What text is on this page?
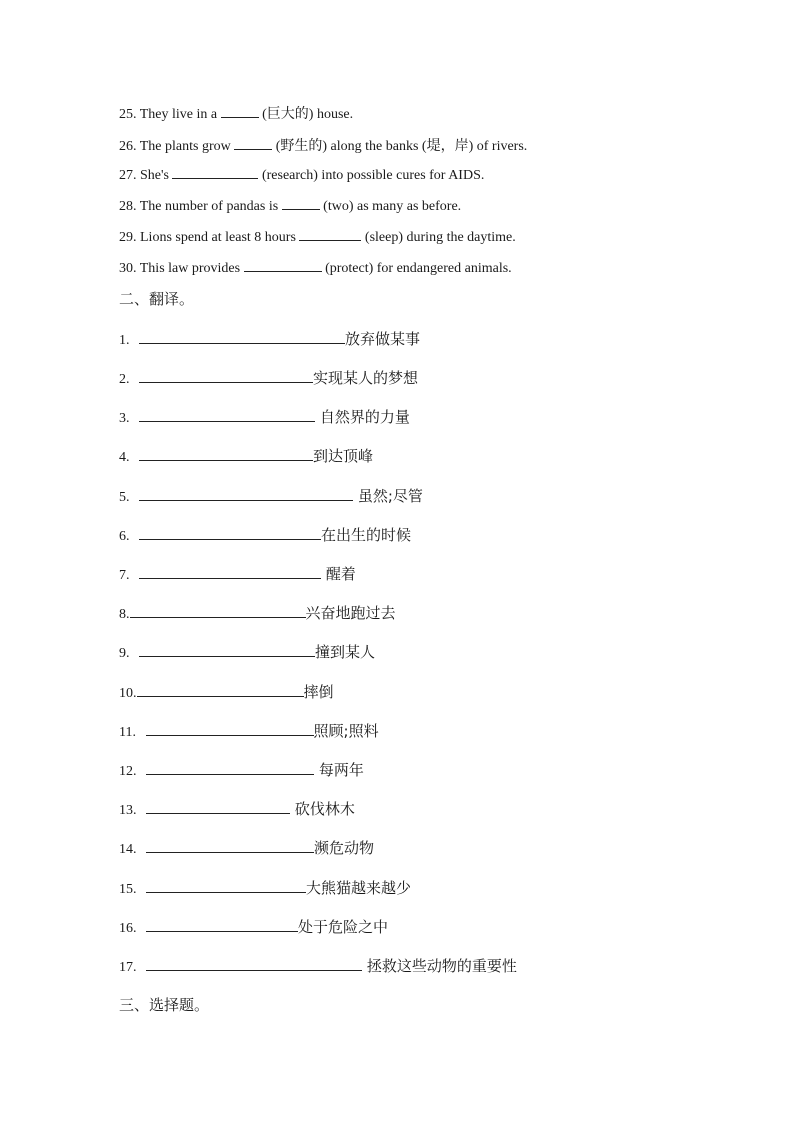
25. They live in a	(巨大的) house.
26. The plants grow	(野生的) along the banks (堤，岸) of rivers.
27. She's	(research) into possible cures for AIDS.
28. The number of pandas is	(two) as many as before.
29. Lions spend at least 8 hours	(sleep) during the daytime.
30. This law provides	(protect) for endangered animals.
二、翻译。
1.	放弃做某事
2.	实现某人的梦想
3.	自然界的力量
4.	到达顶峰
5.	虽然;尽管
6.	在出生的时候
7.	醒着
8.	兴奋地跑过去
9.	撞到某人
10.	摔倒
11.	照顾;照料
12.	每两年
13.	砍伐林木
14.	濒危动物
15.	大熊猫越来越少
16.	处于危险之中
17.	拯救这些动物的重要性
三、选择题。
